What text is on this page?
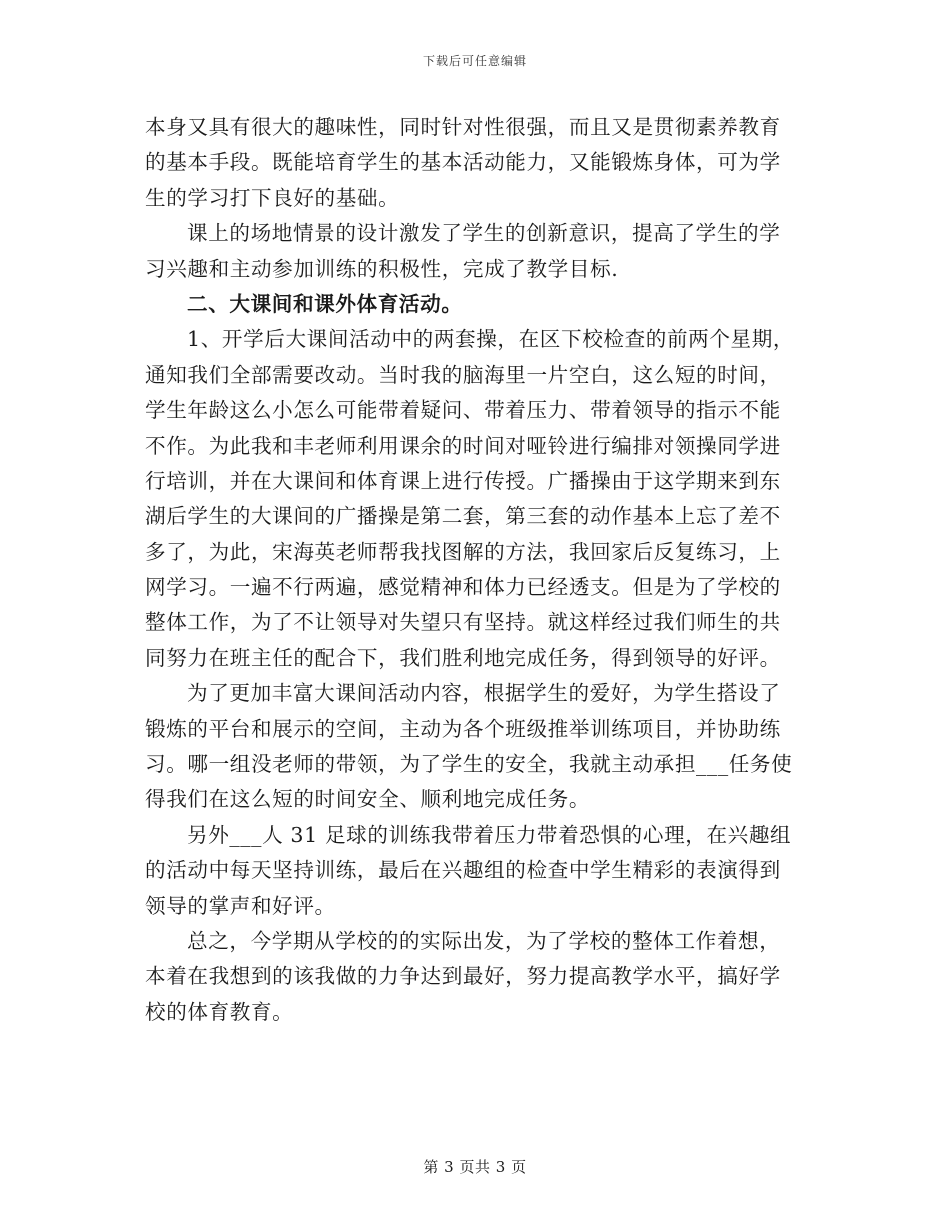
下载后可任意编辑
本身又具有很大的趣味性，同时针对性很强，而且又是贯彻素养教育
的基本手段。既能培育学生的基本活动能力，又能锻炼身体，可为学
生的学习打下良好的基础。
课上的场地情景的设计激发了学生的创新意识，提高了学生的学
习兴趣和主动参加训练的积极性，完成了教学目标.
二、大课间和课外体育活动。
1、开学后大课间活动中的两套操，在区下校检查的前两个星期，
通知我们全部需要改动。当时我的脑海里一片空白，这么短的时间，
学生年龄这么小怎么可能带着疑问、带着压力、带着领导的指示不能
不作。为此我和丰老师利用课余的时间对哑铃进行编排对领操同学进
行培训，并在大课间和体育课上进行传授。广播操由于这学期来到东
湖后学生的大课间的广播操是第二套，第三套的动作基本上忘了差不
多了，为此，宋海英老师帮我找图解的方法，我回家后反复练习，上
网学习。一遍不行两遍，感觉精神和体力已经透支。但是为了学校的
整体工作，为了不让领导对失望只有坚持。就这样经过我们师生的共
同努力在班主任的配合下，我们胜利地完成任务，得到领导的好评。
为了更加丰富大课间活动内容，根据学生的爱好，为学生搭设了
锻炼的平台和展示的空间，主动为各个班级推举训练项目，并协助练
习。哪一组没老师的带领，为了学生的安全，我就主动承担___任务使
得我们在这么短的时间安全、顺利地完成任务。
另外___人 31 足球的训练我带着压力带着恐惧的心理，在兴趣组
的活动中每天坚持训练，最后在兴趣组的检查中学生精彩的表演得到
领导的掌声和好评。
总之，今学期从学校的的实际出发，为了学校的整体工作着想，
本着在我想到的该我做的力争达到最好，努力提高教学水平，搞好学
校的体育教育。
第 3 页共 3 页
